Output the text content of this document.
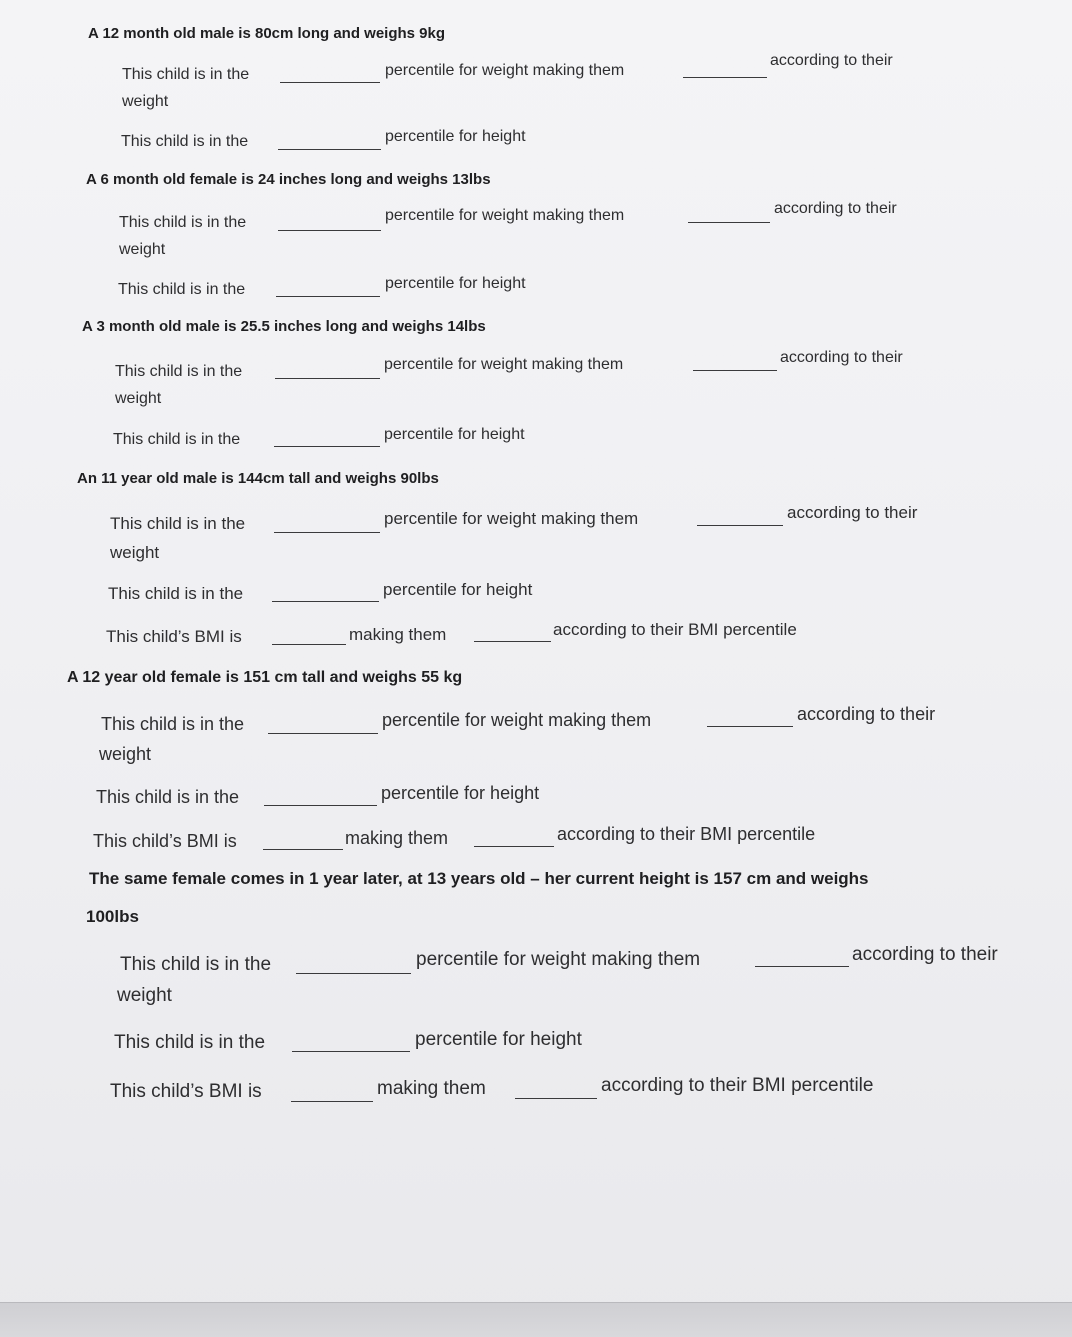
A 12 month old male is 80cm long and weighs 9kg
This child is in the	percentile for weight making them
according to their
weight
This child is in the	percentile for height
A 6 month old female is 24 inches long and weighs 13lbs
This child is in the	percentile for weight making them	according to their
weight
This child is in the	percentile for height
A 3 month old male is 25.5 inches long and weighs 14lbs
This child is in the	percentile for weight making them	according to their
weight
This child is in the	percentile for height
An 11 year old male is 144cm tall and weighs 90lbs
This child is in the	percentile for weight making them	according to their
weight
This child is in the	percentile for height
This child’s BMI is	making them	according to their BMI percentile
A 12 year old female is 151 cm tall and weighs 55 kg
This child is in the	percentile for weight making them	according to their
weight
This child is in the	percentile for height
This child’s BMI is	making them	according to their BMI percentile
The same female comes in 1 year later, at 13 years old – her current height is 157 cm and weighs
100lbs
This child is in the	percentile for weight making them	according to their
weight
This child is in the	percentile for height
This child’s BMI is	making them	according to their BMI percentile
